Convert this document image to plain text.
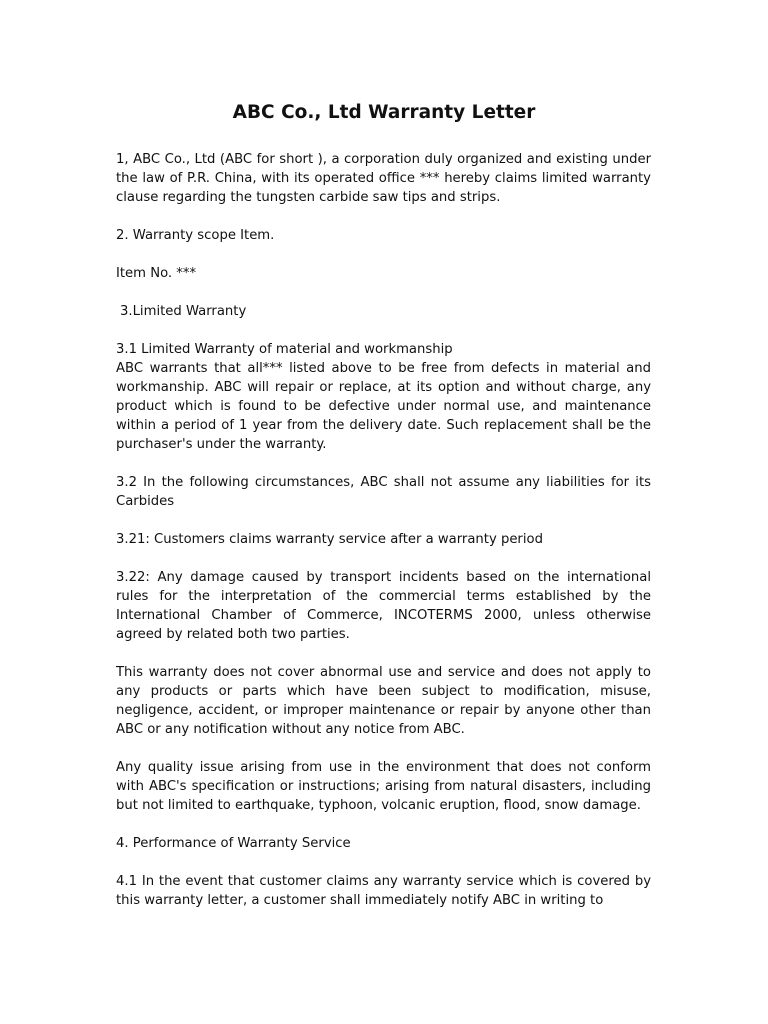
ABC Co., Ltd Warranty Letter

1, ABC Co., Ltd (ABC for short ), a corporation duly organized and existing under the law of P.R. China, with its operated office *** hereby claims limited warranty clause regarding the tungsten carbide saw tips and strips.

2. Warranty scope Item.

Item No. ***

3.Limited Warranty

3.1 Limited Warranty of material and workmanship

ABC warrants that all*** listed above to be free from defects in material and workmanship. ABC will repair or replace, at its option and without charge, any product which is found to be defective under normal use, and maintenance within a period of 1 year from the delivery date. Such replacement shall be the purchaser's under the warranty.

3.2 In the following circumstances, ABC shall not assume any liabilities for its Carbides

3.21: Customers claims warranty service after a warranty period

3.22: Any damage caused by transport incidents based on the international rules for the interpretation of the commercial terms established by the International Chamber of Commerce, INCOTERMS 2000, unless otherwise agreed by related both two parties.

This warranty does not cover abnormal use and service and does not apply to any products or parts which have been subject to modification, misuse, negligence, accident, or improper maintenance or repair by anyone other than ABC or any notification without any notice from ABC.

Any quality issue arising from use in the environment that does not conform with ABC's specification or instructions; arising from natural disasters, including but not limited to earthquake, typhoon, volcanic eruption, flood, snow damage.

4. Performance of Warranty Service

4.1 In the event that customer claims any warranty service which is covered by this warranty letter, a customer shall immediately notify ABC in writing to
